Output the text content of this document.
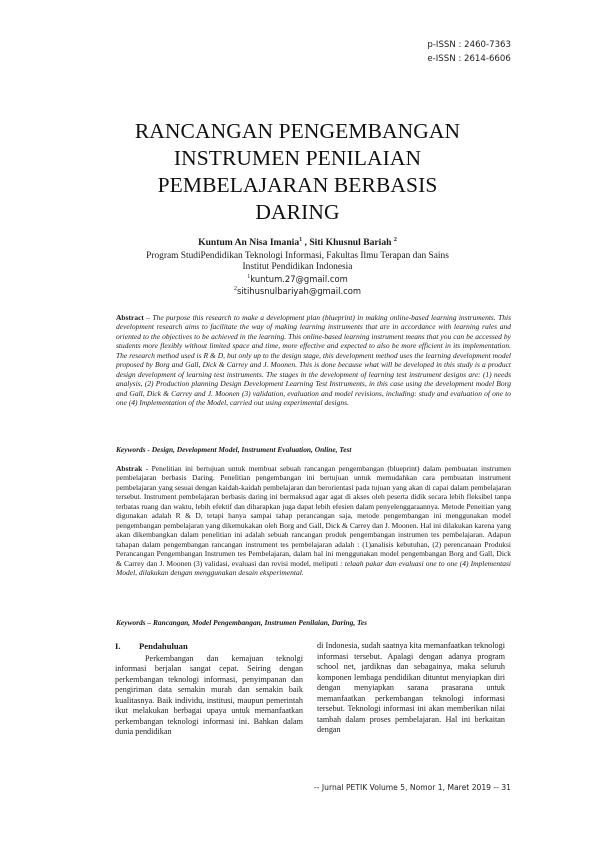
p-ISSN : 2460-7363
e-ISSN : 2614-6606
RANCANGAN PENGEMBANGAN
INSTRUMEN PENILAIAN
PEMBELAJARAN BERBASIS
DARING
Kuntum An Nisa Imania$^1$ , Siti Khusnul Bariah $^2$
Program StudiPendidikan Teknologi Informasi, Fakultas Ilmu Terapan dan Sains
Institut Pendidikan Indonesia
$^1$kuntum.27@gmail.com
$^2$sitihusnulbariyah@gmail.com
Abstract – The purpose this research to make a development plan (blueprint) in making online-based learning instruments. This development research aims to facilitate the way of making learning instruments that are in accordance with learning rules and oriented to the objectives to be achieved in the learning. This online-based learning instrument means that you can be accessed by students more flexibly without limited space and time, more effective and expected to also be more efficient in its implementation. The research method used is R & D, but only up to the design stage, this development method uses the learning development model proposed by Borg and Gall, Dick & Carrey and J. Moonen. This is done because what will be developed in this study is a product design development of learning test instruments. The stages in the development of learning test instrument designs are: (1) needs analysis, (2) Production planning Design Development Learning Test Instruments, in this case using the development model Borg and Gall, Dick & Carrey and J. Moonen (3) validation, evaluation and model revisions, including: study and evaluation of one to one (4) Implementation of the Model, carried out using experimental designs.
Keywords - Design, Development Model, Instrument Evaluation, Online, Test
Abstrak - Penelitian ini bertujuan untuk membuat sebuah rancangan pengembangan (blueprint) dalam pembuatan instrumen pembelajaran berbasis Daring. Penelitian pengembangan ini bertujuan untuk memudahkan cara pembuatan instrument pembelajaran yang sesuai dengan kaidah-kaidah pembelajaran dan berorientasi pada tujuan yang akan di capai dalam pembelajaran tersebut. Instrument pembelajaran berbasis daring ini bermaksud agar agat di akses oleh peserta didik secara lebih fleksibel tanpa terbatas ruang dan waktu, lebih efektif dan diharapkan juga dapat lebih efesien dalam penyelenggaraannya. Metode Peneitian yang digunakan adalah R & D, tetapi hanya sampai tahap perancangan saja, metode pengembangan ini menggunakan model pengembangan pembelajaran yang dikemukakan oleh Borg and Gall, Dick & Carrey dan J. Moonen. Hal ini dilakukan karena yang akan dikembangkan dalam penelitian ini adalah sebuah rancangan produk pengembangan instrumen tes pembelajaran. Adapun tahapan dalam pengembangan rancangan instrument tes pembelajaran adalah : (1)analisis kebutuhan, (2) perencanaan Produksi Perancangan Pengembangan Instrumen tes Pembelajaran, dalam hal ini menggunakan model pengembangan Borg and Gall, Dick & Carrey dan J. Moonen (3) validasi, evaluasi dan revisi model, meliputi : telaah pakar dan evaluasi one to one (4) Implementasi Model, dilakukan dengan menggunakan desain eksperimental.
Keywords – Rancangan, Model Pengembangan, Instrumen Penilaian, Daring, Tes
I. Pendahuluan
Perkembangan dan kemajuan teknolgi informasi berjalan sangat cepat. Seiring dengan perkembangan teknologi informasi, penyimpanan dan pengiriman data semakin murah dan semakin baik kualitasnya. Baik individu, institusi, maupun pemerintah ikut melakukan berbagai upaya untuk memanfaatkan perkembangan teknologi informasi ini. Bahkan dalam dunia pendidikan
di Indonesia, sudah saatnya kita memanfaatkan teknologi informasi tersebut. Apalagi dengan adanya program school net, jardiknas dan sebagainya, maka seluruh komponen lembaga pendidikan dituntut menyiapkan diri dengan menyiapkan sarana prasarana untuk memanfaatkan perkembangan teknologi informasi tersebut. Teknologi informasi ini akan memberikan nilai tambah dalam proses pembelajaran. Hal ini berkaitan dengan
-- Jurnal PETIK Volume 5, Nomor 1, Maret 2019 -- 31
